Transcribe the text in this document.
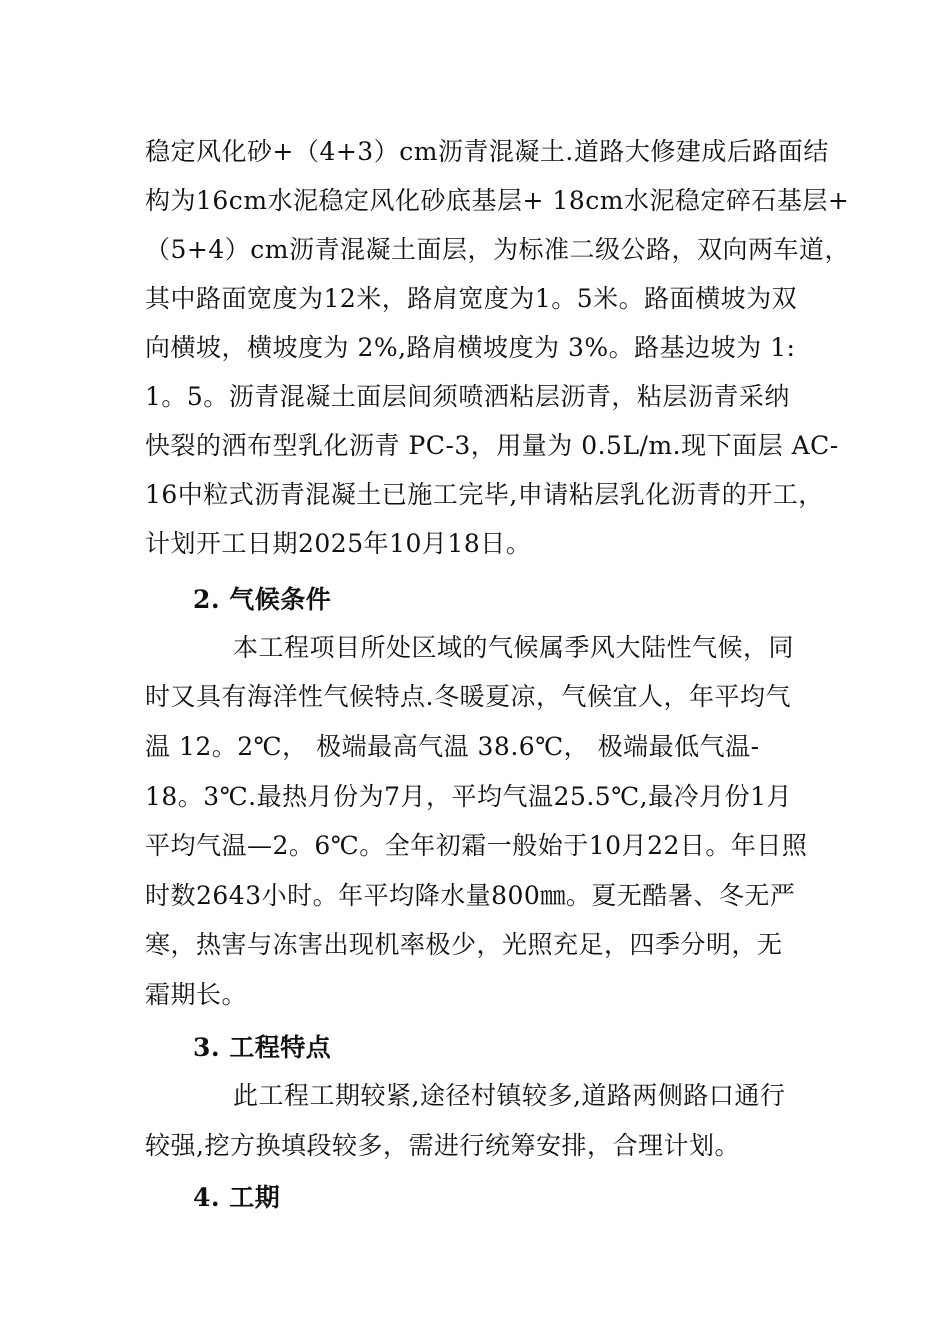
稳定风化砂+（4+3）cm沥青混凝土.道路大修建成后路面结
构为16cm水泥稳定风化砂底基层+ 18cm水泥稳定碎石基层+
（5+4）cm沥青混凝土面层，为标准二级公路，双向两车道，
其中路面宽度为12米，路肩宽度为1。5米。路面横坡为双
向横坡，横坡度为 2%,路肩横坡度为 3%。路基边坡为 1:
1。5。沥青混凝土面层间须喷洒粘层沥青，粘层沥青采纳
快裂的洒布型乳化沥青 PC-3，用量为 0.5L/m.现下面层 AC-
16中粒式沥青混凝土已施工完毕,申请粘层乳化沥青的开工，
计划开工日期2025年10月18日。
2. 气候条件
本工程项目所处区域的气候属季风大陆性气候，同
时又具有海洋性气候特点.冬暖夏凉，气候宜人，年平均气
温 12。2℃， 极端最高气温 38.6℃， 极端最低气温-
18。3℃.最热月份为7月，平均气温25.5℃,最冷月份1月
平均气温—2。6℃。全年初霜一般始于10月22日。年日照
时数2643小时。年平均降水量800㎜。夏无酷暑、冬无严
寒，热害与冻害出现机率极少，光照充足，四季分明，无
霜期长。
3. 工程特点
此工程工期较紧,途径村镇较多,道路两侧路口通行
较强,挖方换填段较多，需进行统筹安排，合理计划。
4. 工期
